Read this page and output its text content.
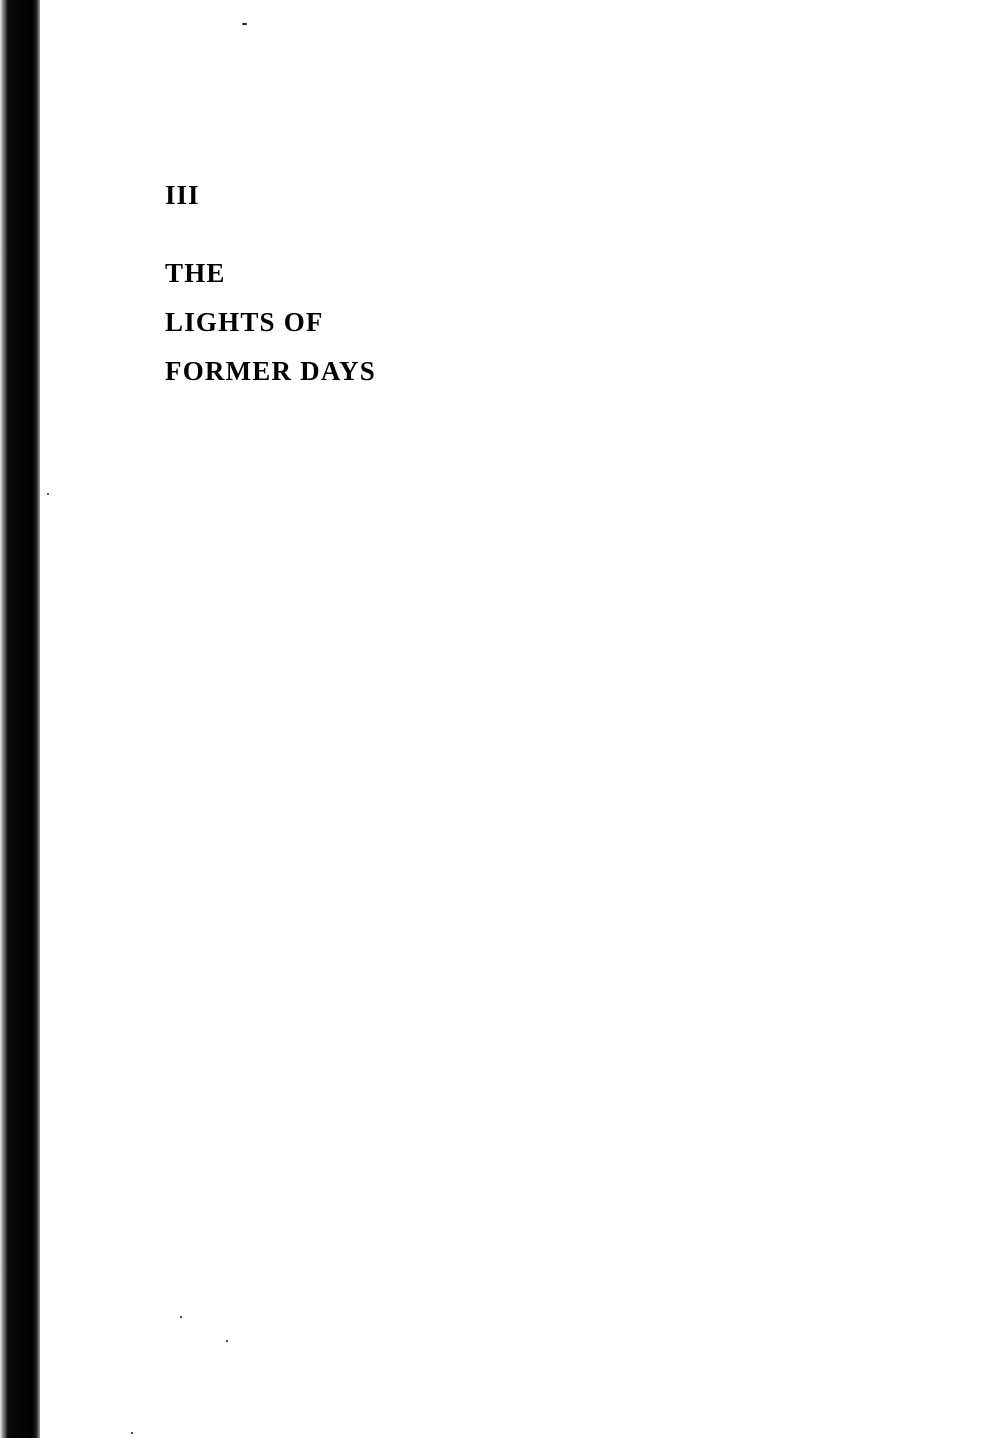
III
THE
LIGHTS OF
FORMER DAYS
